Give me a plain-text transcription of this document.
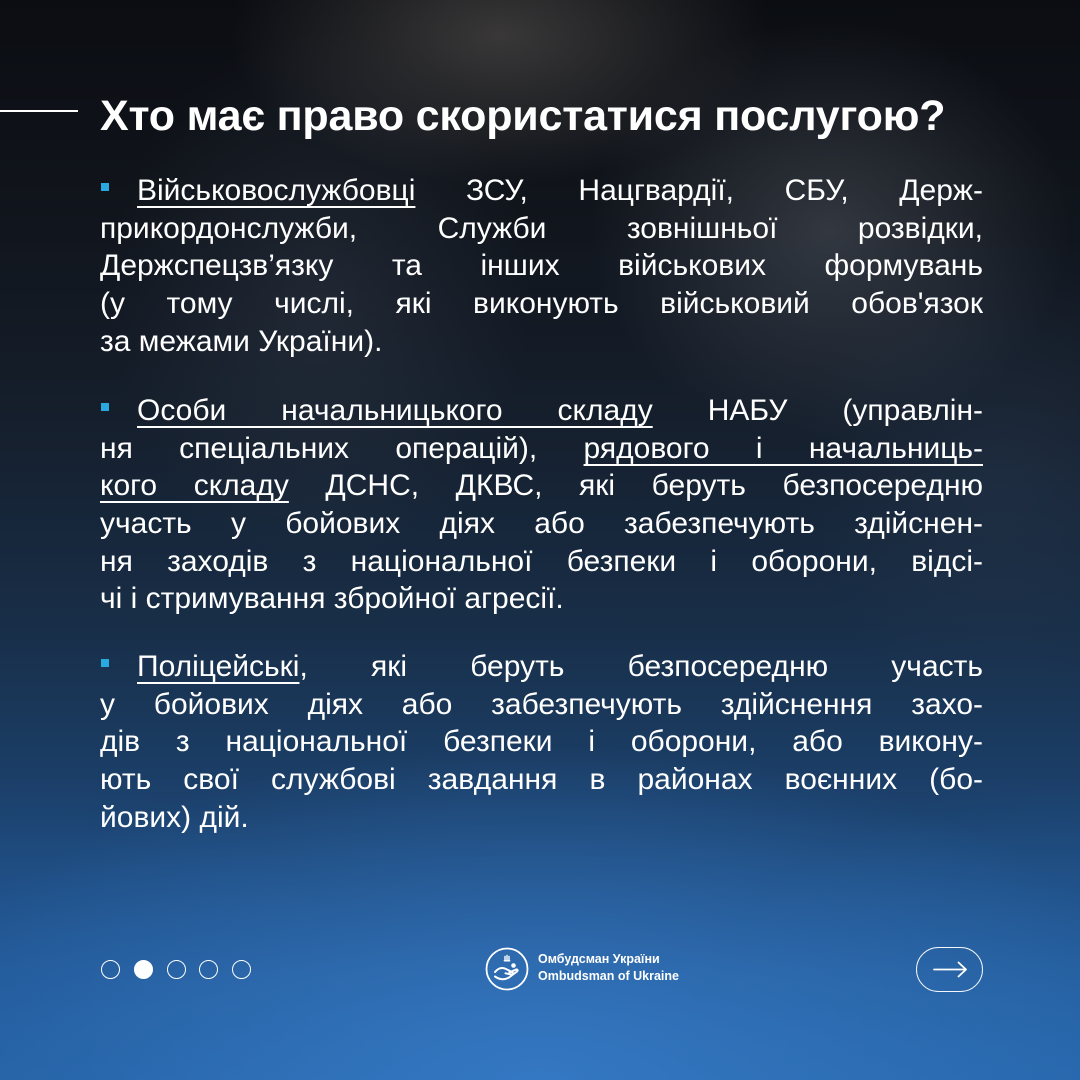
Хто має право скористатися послугою?
Військовослужбовці ЗСУ, Нацгвардії, СБУ, Держ-
прикордонслужби, Служби зовнішньої розвідки,
Держспецзв’язку та інших військових формувань
(у тому числі, які виконують військовий обов'язок
за межами України).
Особи начальницького складу НАБУ (управлін-
ня спеціальних операцій), рядового і начальниць-
кого складу ДСНС, ДКВС, які беруть безпосередню
участь у бойових діях або забезпечують здійснен-
ня заходів з національної безпеки і оборони, відсі-
чі і стримування збройної агресії.
Поліцейські, які беруть безпосередню участь
у бойових діях або забезпечують здійснення захо-
дів з національної безпеки і оборони, або викону-
ють свої службові завдання в районах воєнних (бо-
йових) дій.
Омбудсман України
Ombudsman of Ukraine
